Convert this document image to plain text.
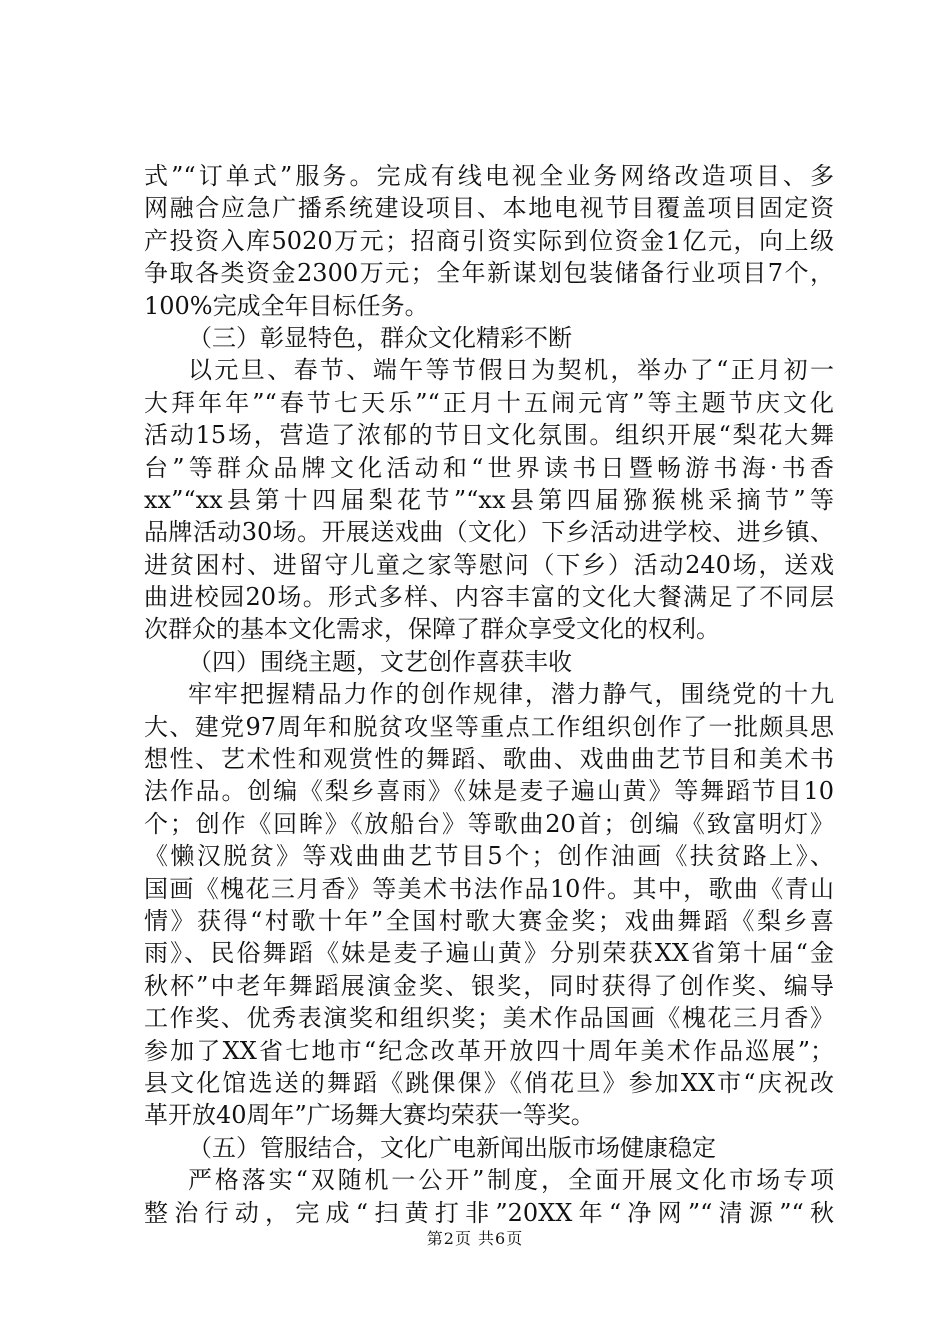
式”“订单式”服务。完成有线电视全业务网络改造项目、多
网融合应急广播系统建设项目、本地电视节目覆盖项目固定资
产投资入库5020万元；招商引资实际到位资金1亿元，向上级
争取各类资金2300万元；全年新谋划包装储备行业项目7个，
100%完成全年目标任务。
（三）彰显特色，群众文化精彩不断
以元旦、春节、端午等节假日为契机，举办了“正月初一
大拜年年”“春节七天乐”“正月十五闹元宵”等主题节庆文化
活动15场，营造了浓郁的节日文化氛围。组织开展“梨花大舞
台”等群众品牌文化活动和“世界读书日暨畅游书海·书香
xx”“xx县第十四届梨花节”“xx县第四届猕猴桃采摘节”等
品牌活动30场。开展送戏曲（文化）下乡活动进学校、进乡镇、
进贫困村、进留守儿童之家等慰问（下乡）活动240场，送戏
曲进校园20场。形式多样、内容丰富的文化大餐满足了不同层
次群众的基本文化需求，保障了群众享受文化的权利。
（四）围绕主题，文艺创作喜获丰收
牢牢把握精品力作的创作规律，潜力静气，围绕党的十九
大、建党97周年和脱贫攻坚等重点工作组织创作了一批颇具思
想性、艺术性和观赏性的舞蹈、歌曲、戏曲曲艺节目和美术书
法作品。创编《梨乡喜雨》《妹是麦子遍山黄》等舞蹈节目10
个；创作《回眸》《放船台》等歌曲20首；创编《致富明灯》
《懒汉脱贫》等戏曲曲艺节目5个；创作油画《扶贫路上》、
国画《槐花三月香》等美术书法作品10件。其中，歌曲《青山
情》获得“村歌十年”全国村歌大赛金奖；戏曲舞蹈《梨乡喜
雨》、民俗舞蹈《妹是麦子遍山黄》分别荣获XX省第十届“金
秋杯”中老年舞蹈展演金奖、银奖，同时获得了创作奖、编导
工作奖、优秀表演奖和组织奖；美术作品国画《槐花三月香》
参加了XX省七地市“纪念改革开放四十周年美术作品巡展”；
县文化馆选送的舞蹈《跳倮倮》《俏花旦》参加XX市“庆祝改
革开放40周年”广场舞大赛均荣获一等奖。
（五）管服结合，文化广电新闻出版市场健康稳定
严格落实“双随机一公开”制度，全面开展文化市场专项
整治行动，完成“扫黄打非”20XX年“净网”“清源”“秋
第2页 共6页
